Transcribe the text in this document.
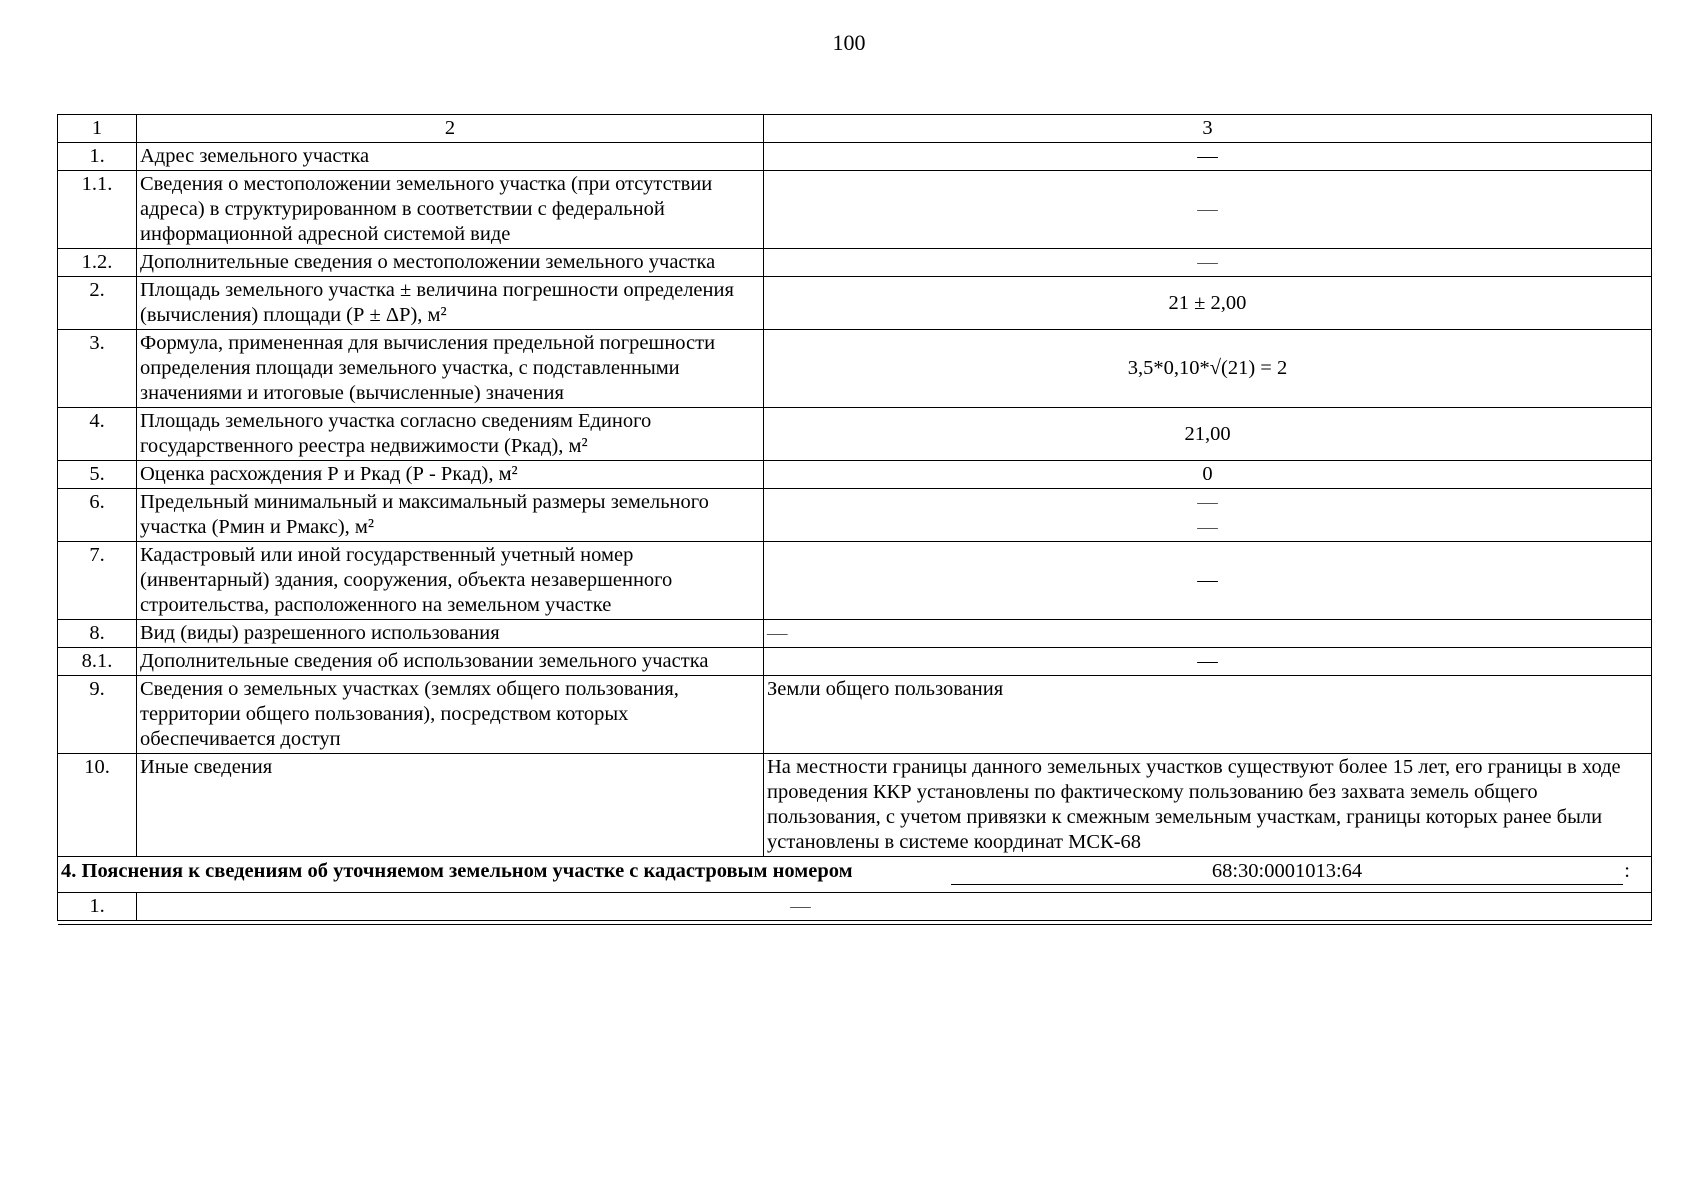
100
1	2	3
1.	Адрес земельного участка	—
1.1.	Сведения о местоположении земельного участка (при отсутствии адреса) в структурированном в соответствии с федеральной информационной адресной системой виде	—
1.2.	Дополнительные сведения о местоположении земельного участка	—
2.	Площадь земельного участка ± величина погрешности определения (вычисления) площади (Р ± ΔР), м²	21 ± 2,00
3.	Формула, примененная для вычисления предельной погрешности определения площади земельного участка, с подставленными значениями и итоговые (вычисленные) значения	3,5*0,10*√(21) = 2
4.	Площадь земельного участка согласно сведениям Единого государственного реестра недвижимости (Ркад), м²	21,00
5.	Оценка расхождения Р и Ркад (Р - Ркад), м²	0
6.	Предельный минимальный и максимальный размеры земельного участка (Рмин и Рмакс), м²	—
—

7.	Кадастровый или иной государственный учетный номер (инвентарный) здания, сооружения, объекта незавершенного строительства, расположенного на земельном участке	—
8.	Вид (виды) разрешенного использования	—
8.1.	Дополнительные сведения об использовании земельного участка	—
9.	Сведения о земельных участках (землях общего пользования, территории общего пользования), посредством которых обеспечивается доступ	Земли общего пользования
10.	Иные сведения	На местности границы данного земельных участков существуют более 15 лет, его границы в ходе проведения ККР установлены по фактическому пользованию без захвата земель общего пользования, с учетом привязки к смежным земельным участкам, границы которых ранее были установлены в системе координат МСК-68

4. Пояснения к сведениям об уточняемом земельном участке с кадастровым номером 68:30:0001013:64 :		

1.	—	
